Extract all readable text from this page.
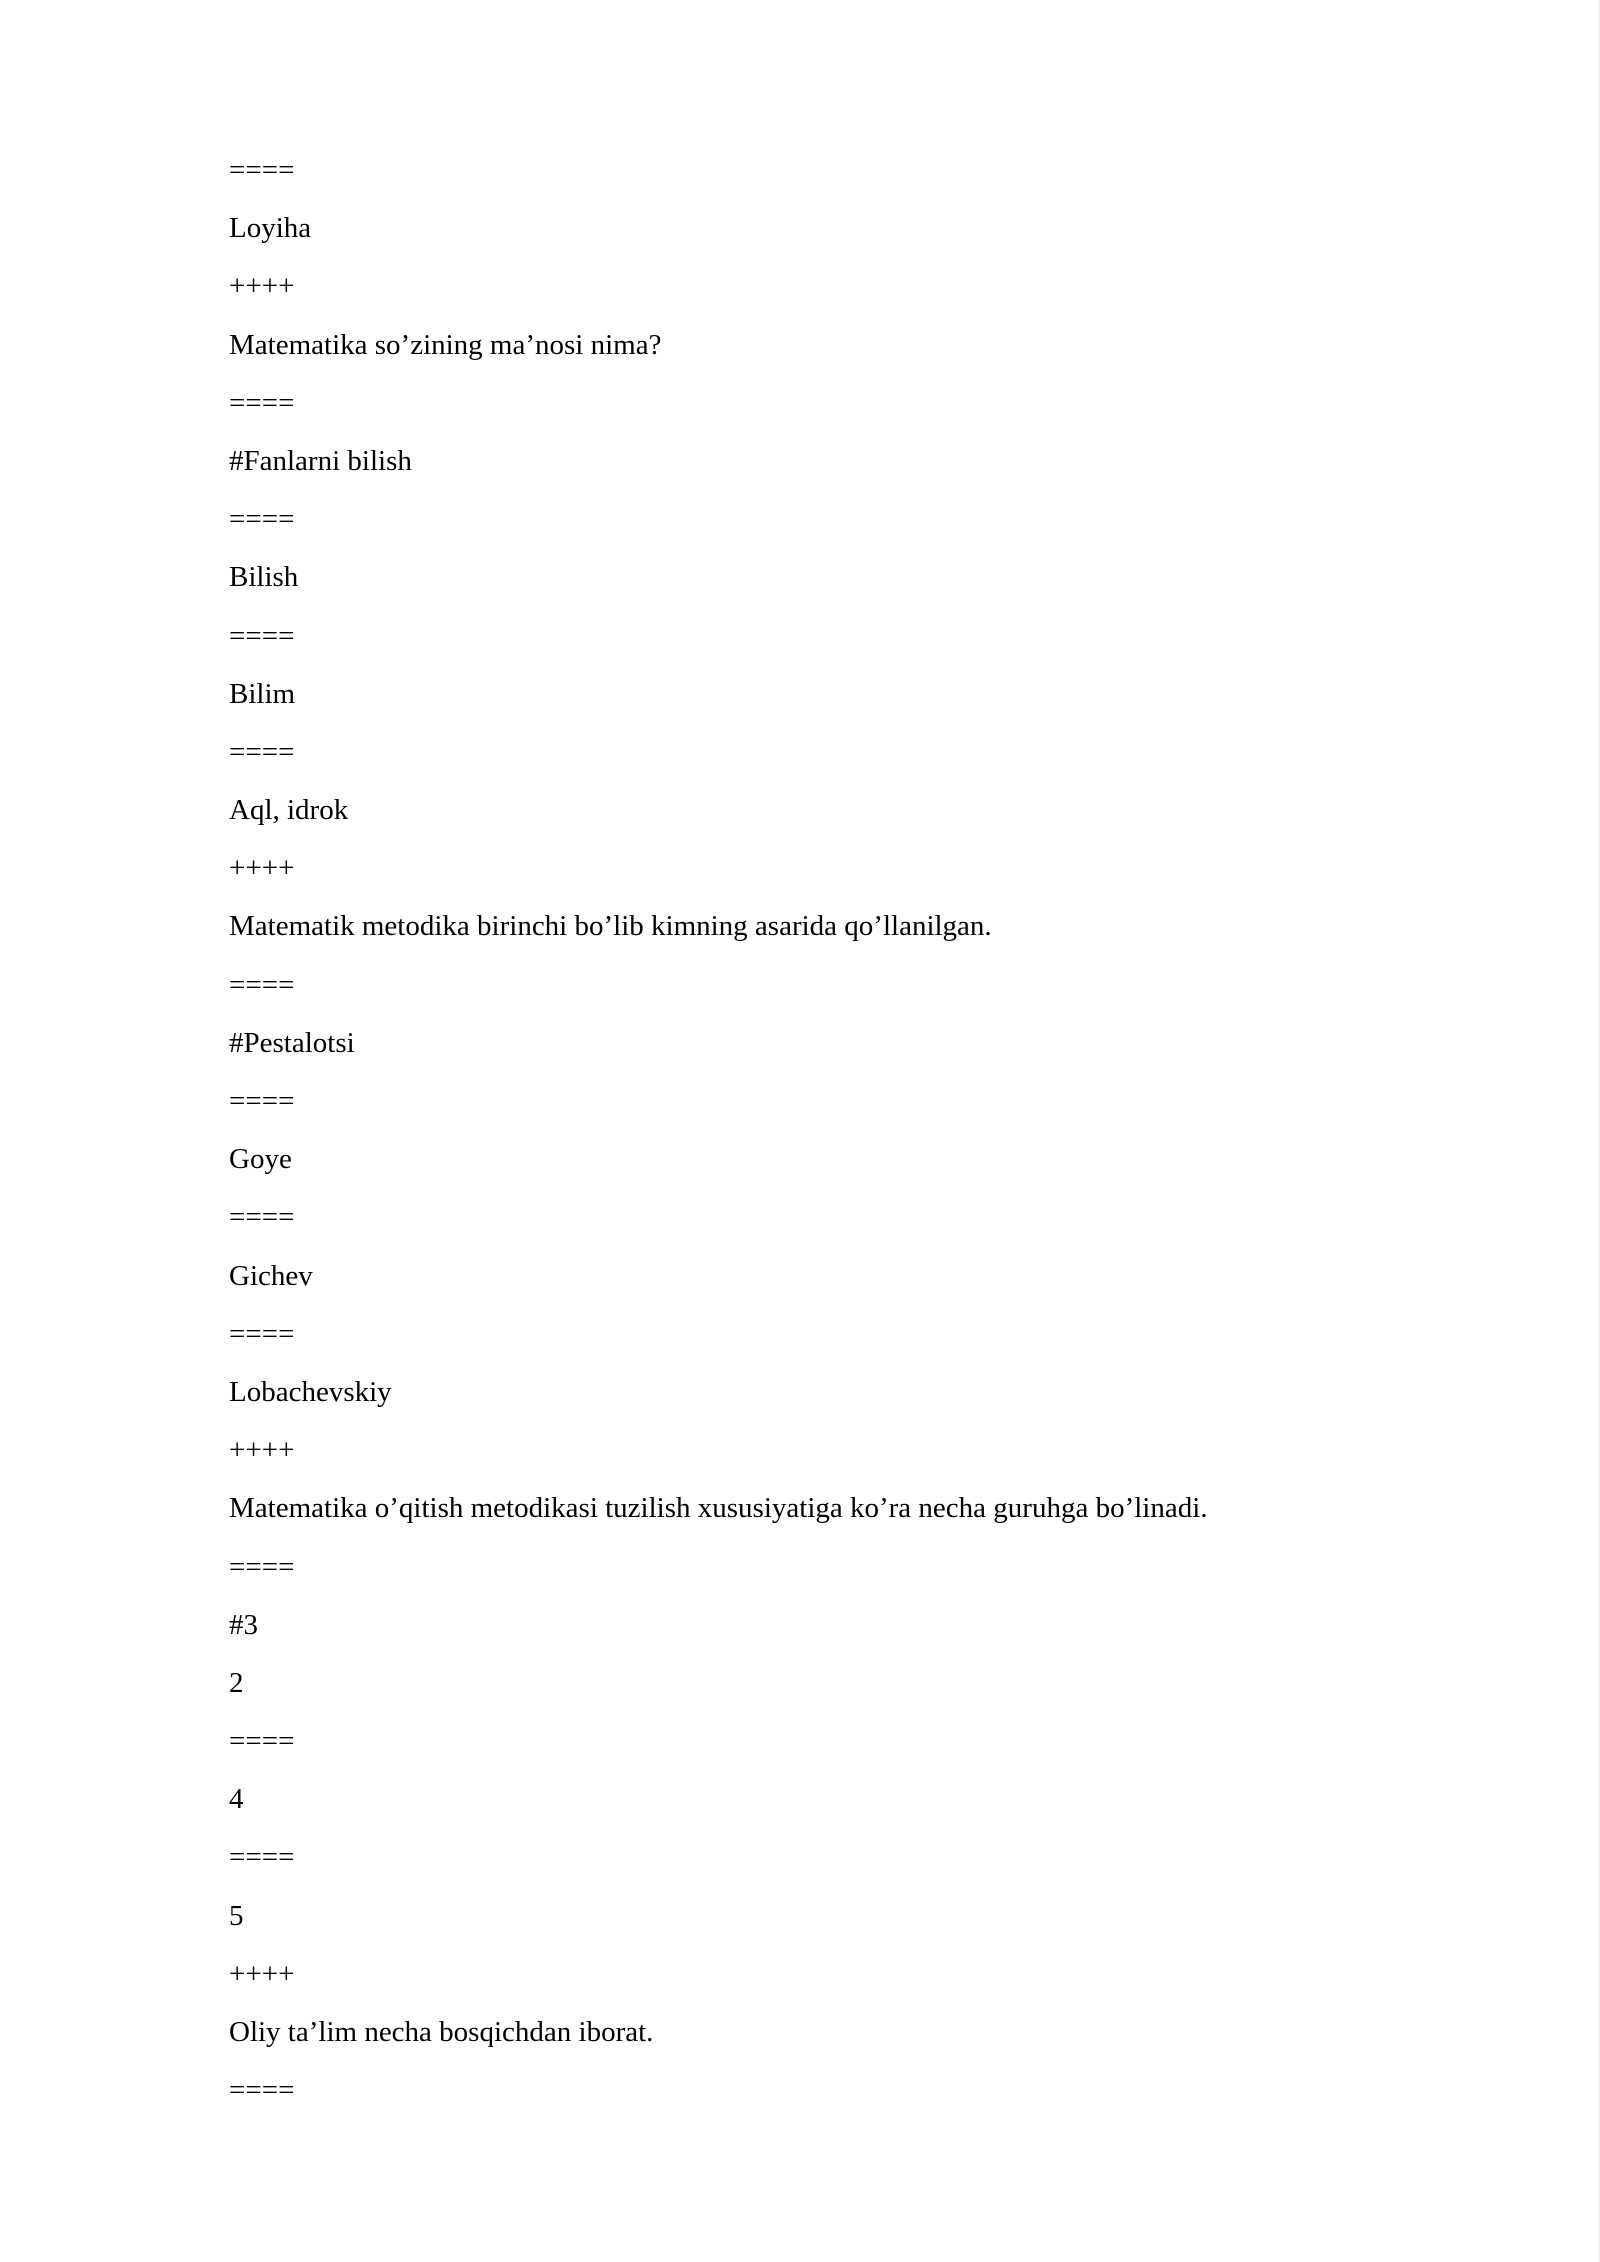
====
Loyiha
++++
Matematika so’zining ma’nosi nima?
====
#Fanlarni bilish
====
Bilish
====
Bilim
====
Aql, idrok
++++
Matematik metodika birinchi bo’lib kimning asarida qo’llanilgan.
====
#Pestalotsi
====
Goye
====
Gichev
====
Lobachevskiy
++++
Matematika o’qitish metodikasi tuzilish xususiyatiga ko’ra necha guruhga bo’linadi.
====
#3
2
====
4
====
5
++++
Oliy ta’lim necha bosqichdan iborat.
====
